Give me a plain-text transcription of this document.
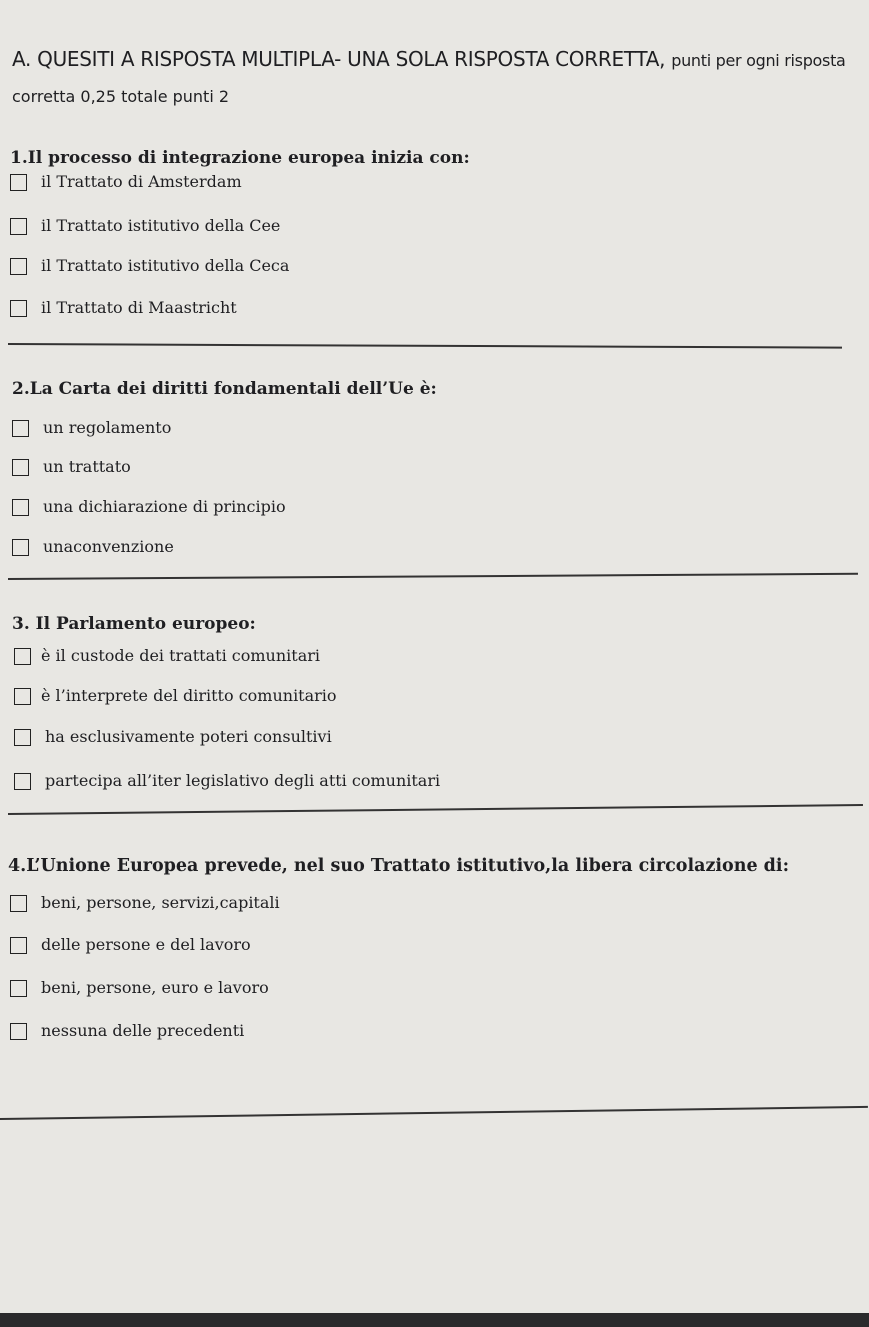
A. QUESITI A RISPOSTA MULTIPLA- UNA SOLA RISPOSTA CORRETTA, punti per ogni risposta
corretta 0,25 totale punti 2
1.Il processo di integrazione europea inizia con:
il Trattato di Amsterdam
il Trattato istitutivo della Cee
il Trattato istitutivo della Ceca
il Trattato di Maastricht
2.La Carta dei diritti fondamentali dell’Ue è:
un regolamento
un trattato
una dichiarazione di principio
unaconvenzione
3. Il Parlamento europeo:
è il custode dei trattati comunitari
è l’interprete del diritto comunitario
ha esclusivamente poteri consultivi
partecipa all’iter legislativo degli atti comunitari
4.L’Unione Europea prevede, nel suo Trattato istitutivo,la libera circolazione di:
beni, persone, servizi,capitali
delle persone e del lavoro
beni, persone, euro e lavoro
nessuna delle precedenti
